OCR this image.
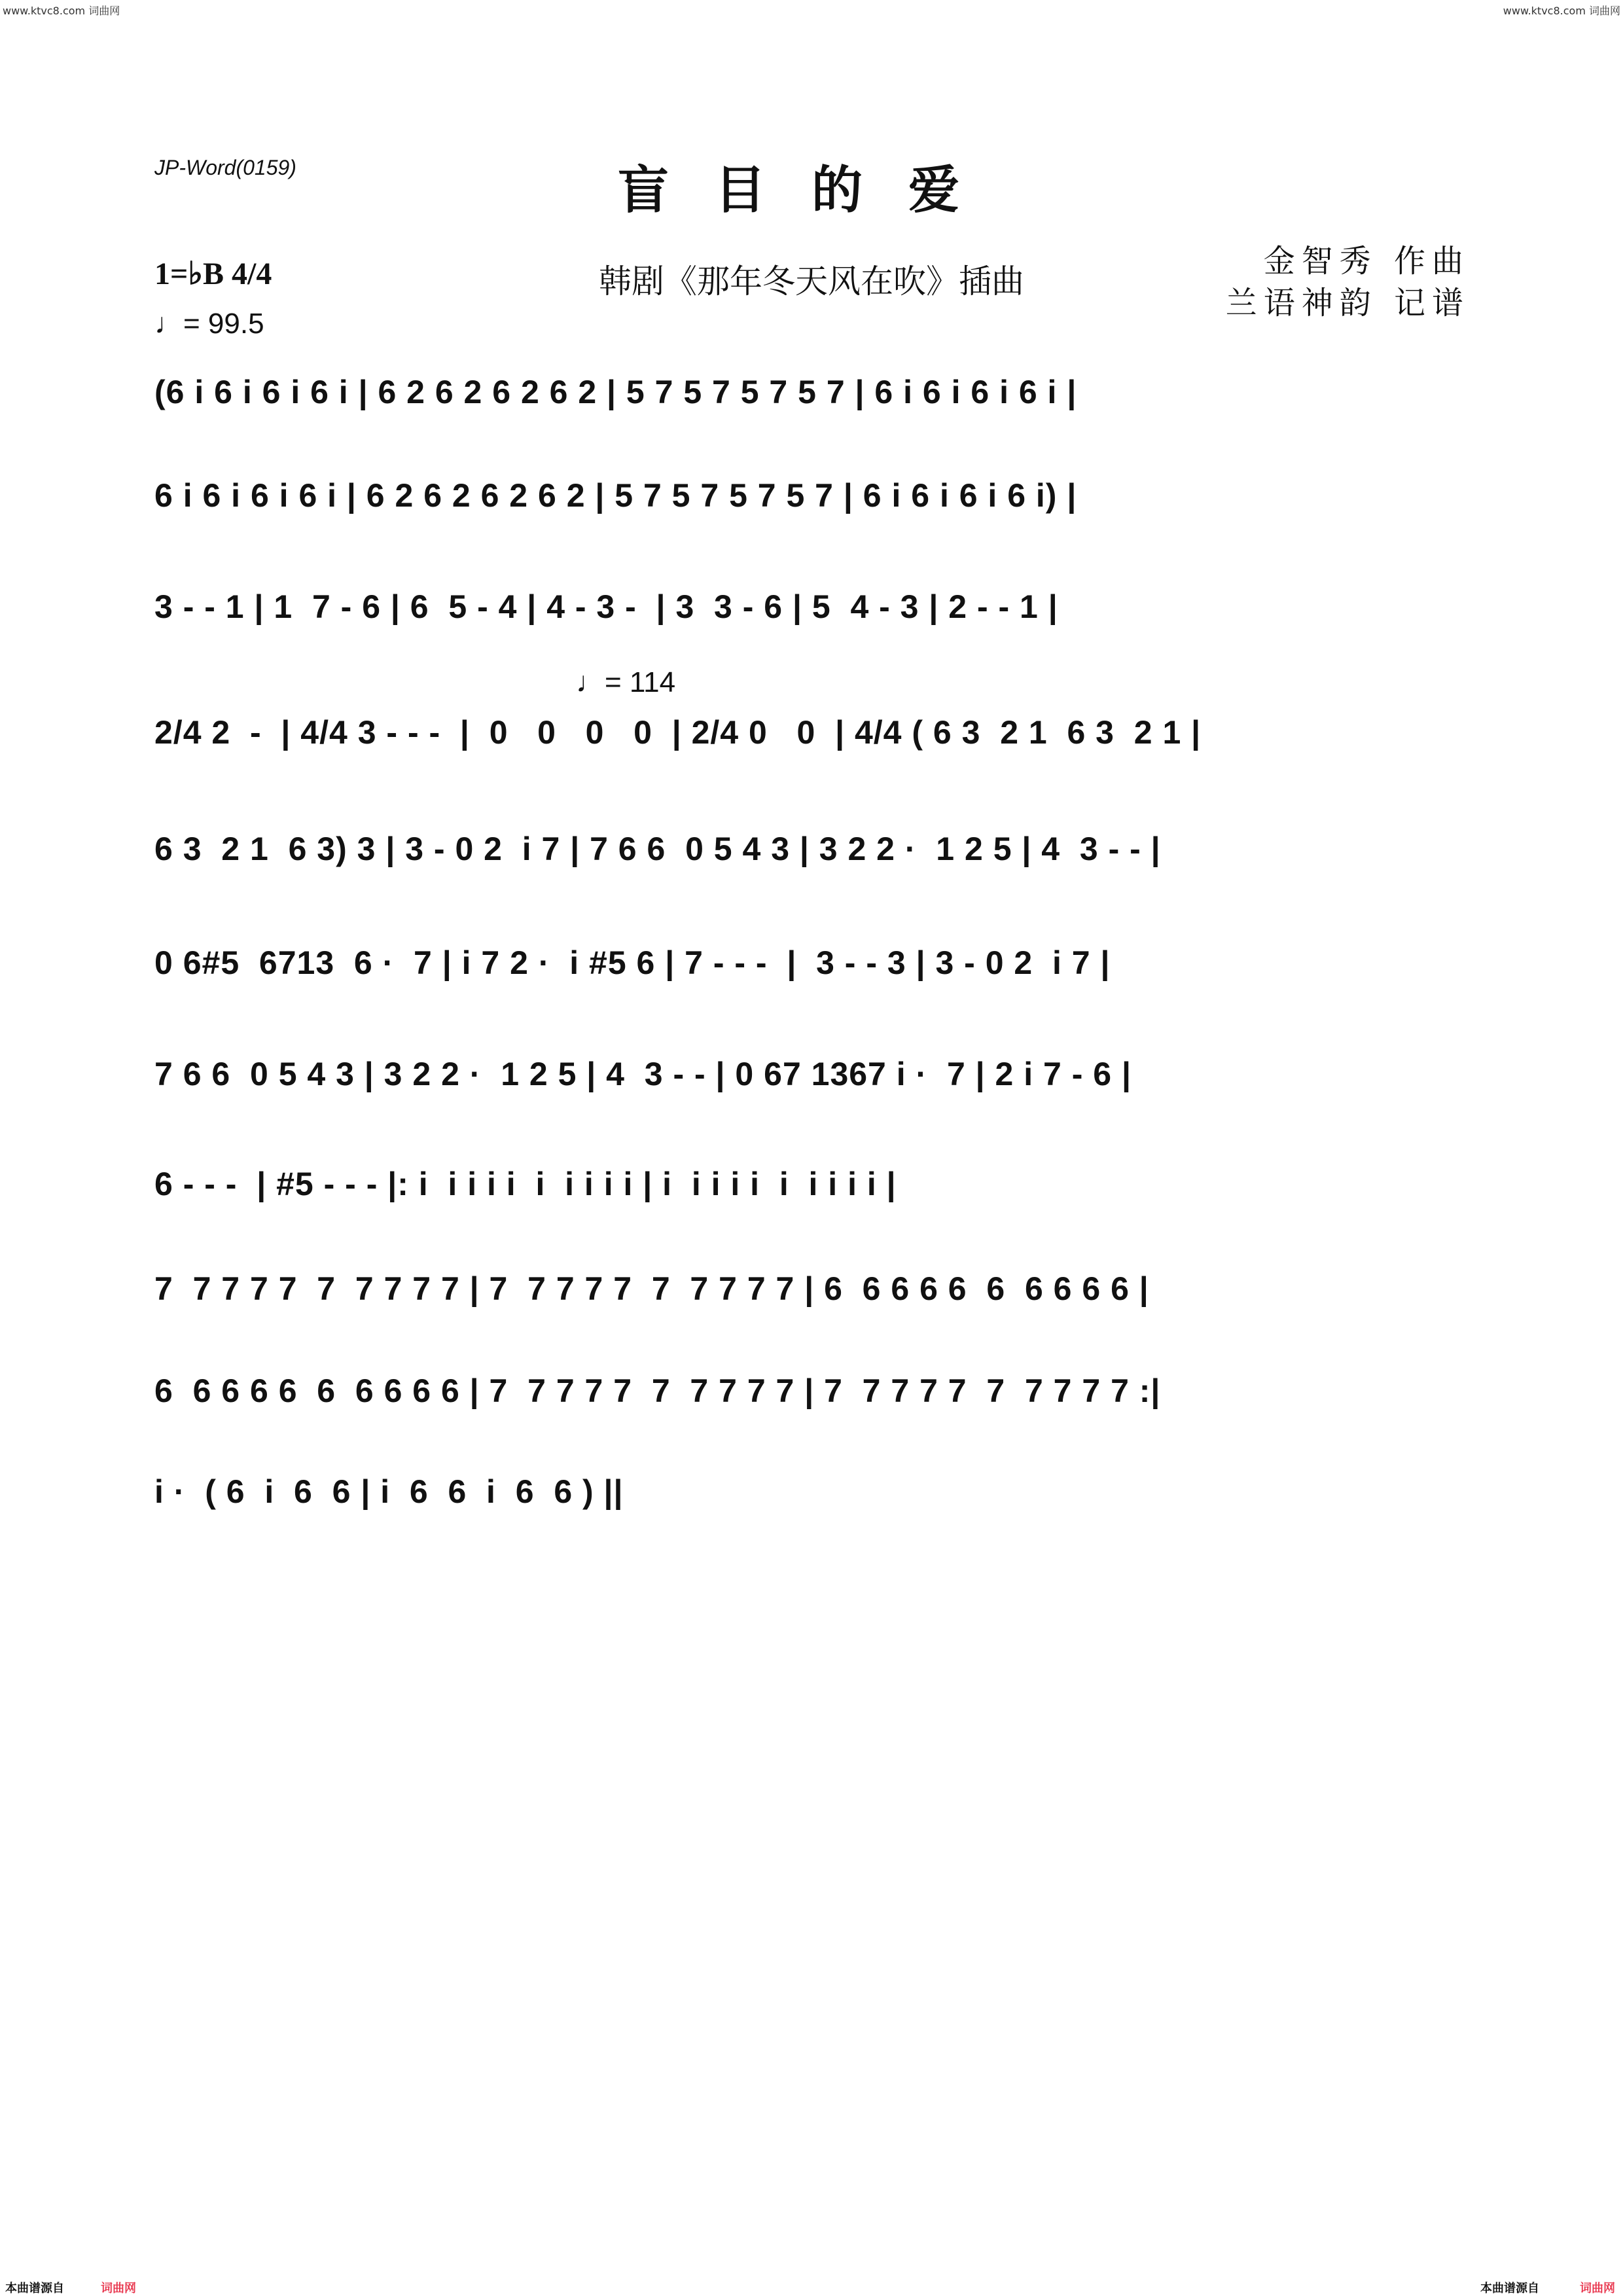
www.ktvc8.com 词曲网	www.ktvc8.com 词曲网
JP-Word(0159)	盲目的爱
韩剧《那年冬天风在吹》插曲
金智秀 作曲
兰语神韵 记谱
1=♭B 4/4
♩= 99.5
♩= 114
(6 i 6 i 6 i 6 i | 6 2 6 2 6 2 6 2 | 5 7 5 7 5 7 5 7 | 6 i 6 i 6 i 6 i |
6 i 6 i 6 i 6 i | 6 2 6 2 6 2 6 2 | 5 7 5 7 5 7 5 7 | 6 i 6 i 6 i 6 i) |
3 - - 1 | 1  7 - 6 | 6  5 - 4 | 4 - 3 -  | 3  3 - 6 | 5  4 - 3 | 2 - - 1 |
2/4 2  -  | 4/4 3 - - -  |  0   0   0   0  | 2/4 0   0  | 4/4 ( 6 3  2 1  6 3  2 1 |
6 3  2 1  6 3) 3 | 3 - 0 2  i 7 | 7 6 6  0 5 4 3 | 3 2 2 ·  1 2 5 | 4  3 - - |
0 6#5  6713  6 ·  7 | i 7 2 ·  i #5 6 | 7 - - -  |  3 - - 3 | 3 - 0 2  i 7 |
7 6 6  0 5 4 3 | 3 2 2 ·  1 2 5 | 4  3 - - | 0 67 1367 i ·  7 | 2 i 7 - 6 |
6 - - -  | #5 - - - |: i  i i i i  i  i i i i | i  i i i i  i  i i i i |
7  7 7 7 7  7  7 7 7 7 | 7  7 7 7 7  7  7 7 7 7 | 6  6 6 6 6  6  6 6 6 6 |
6  6 6 6 6  6  6 6 6 6 | 7  7 7 7 7  7  7 7 7 7 | 7  7 7 7 7  7  7 7 7 7 :|
i ·  ( 6  i  6  6 | i  6  6  i  6  6 ) ||
本曲谱源自	词曲网	本曲谱源自	词曲网
